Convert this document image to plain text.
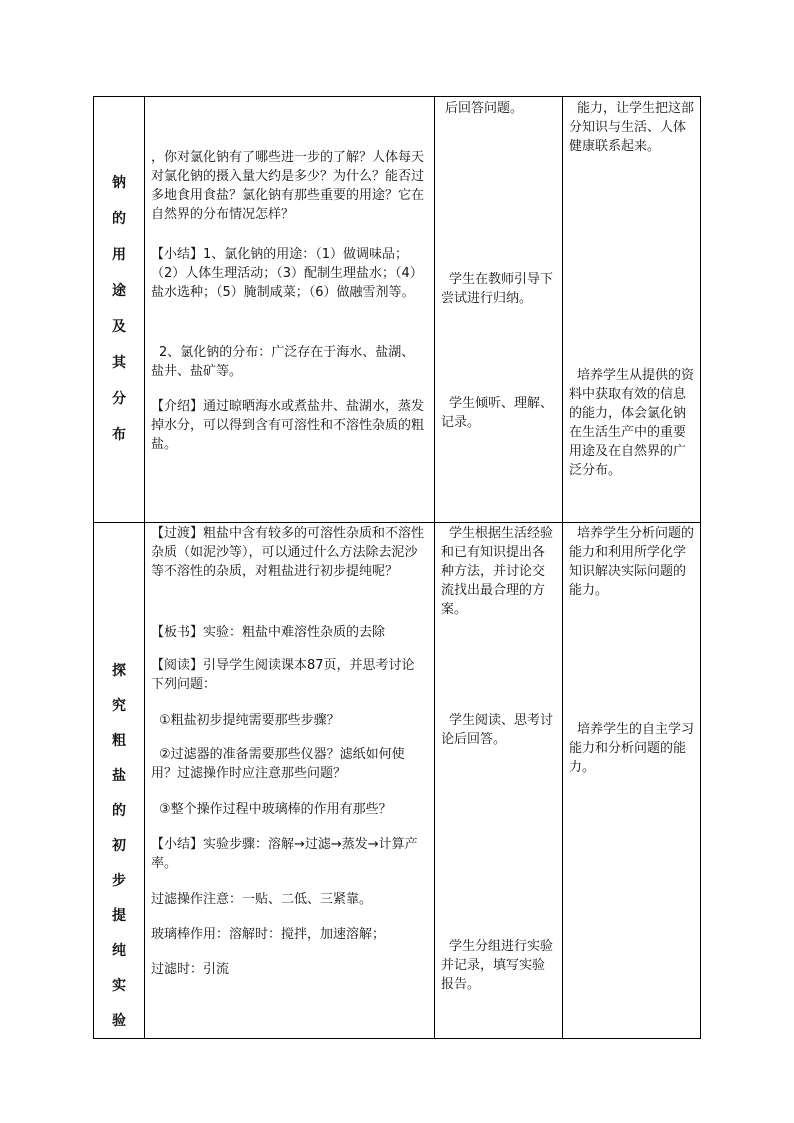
钠
的
用
途
及
其
分
布

，你对氯化钠有了哪些进一步的了解？人体每天对氯化钠的摄入量大约是多少？为什么？能否过多地食用食盐？氯化钠有那些重要的用途？它在自然界的分布情况怎样？

【小结】1、氯化钠的用途：（1）做调味品；（2）人体生理活动；（3）配制生理盐水；（4）盐水选种；（5）腌制咸菜；（6）做融雪剂等。

2、氯化钠的分布：广泛存在于海水、盐湖、盐井、盐矿等。

【介绍】通过晾晒海水或煮盐井、盐湖水，蒸发掉水分，可以得到含有可溶性和不溶性杂质的粗盐。

后回答问题。

学生在教师引导下尝试进行归纳。

学生倾听、理解、记录。

能力，让学生把这部分知识与生活、人体健康联系起来。

培养学生从提供的资料中获取有效的信息的能力，体会氯化钠在生活生产中的重要用途及在自然界的广泛分布。

探
究
粗
盐
的
初
步
提
纯
实
验

【过渡】粗盐中含有较多的可溶性杂质和不溶性杂质（如泥沙等），可以通过什么方法除去泥沙等不溶性的杂质，对粗盐进行初步提纯呢？

【板书】实验：粗盐中难溶性杂质的去除

【阅读】引导学生阅读课本87页，并思考讨论下列问题：

①粗盐初步提纯需要那些步骤？

②过滤器的准备需要那些仪器？滤纸如何使用？过滤操作时应注意那些问题？

③整个操作过程中玻璃棒的作用有那些？

【小结】实验步骤：溶解→过滤→蒸发→计算产率。

过滤操作注意：一贴、二低、三紧靠。

玻璃棒作用：溶解时：搅拌，加速溶解；

过滤时：引流

学生根据生活经验和已有知识提出各种方法，并讨论交流找出最合理的方案。

学生阅读、思考讨论后回答。

学生分组进行实验并记录，填写实验报告。

培养学生分析问题的能力和利用所学化学知识解决实际问题的能力。

培养学生的自主学习能力和分析问题的能力。
